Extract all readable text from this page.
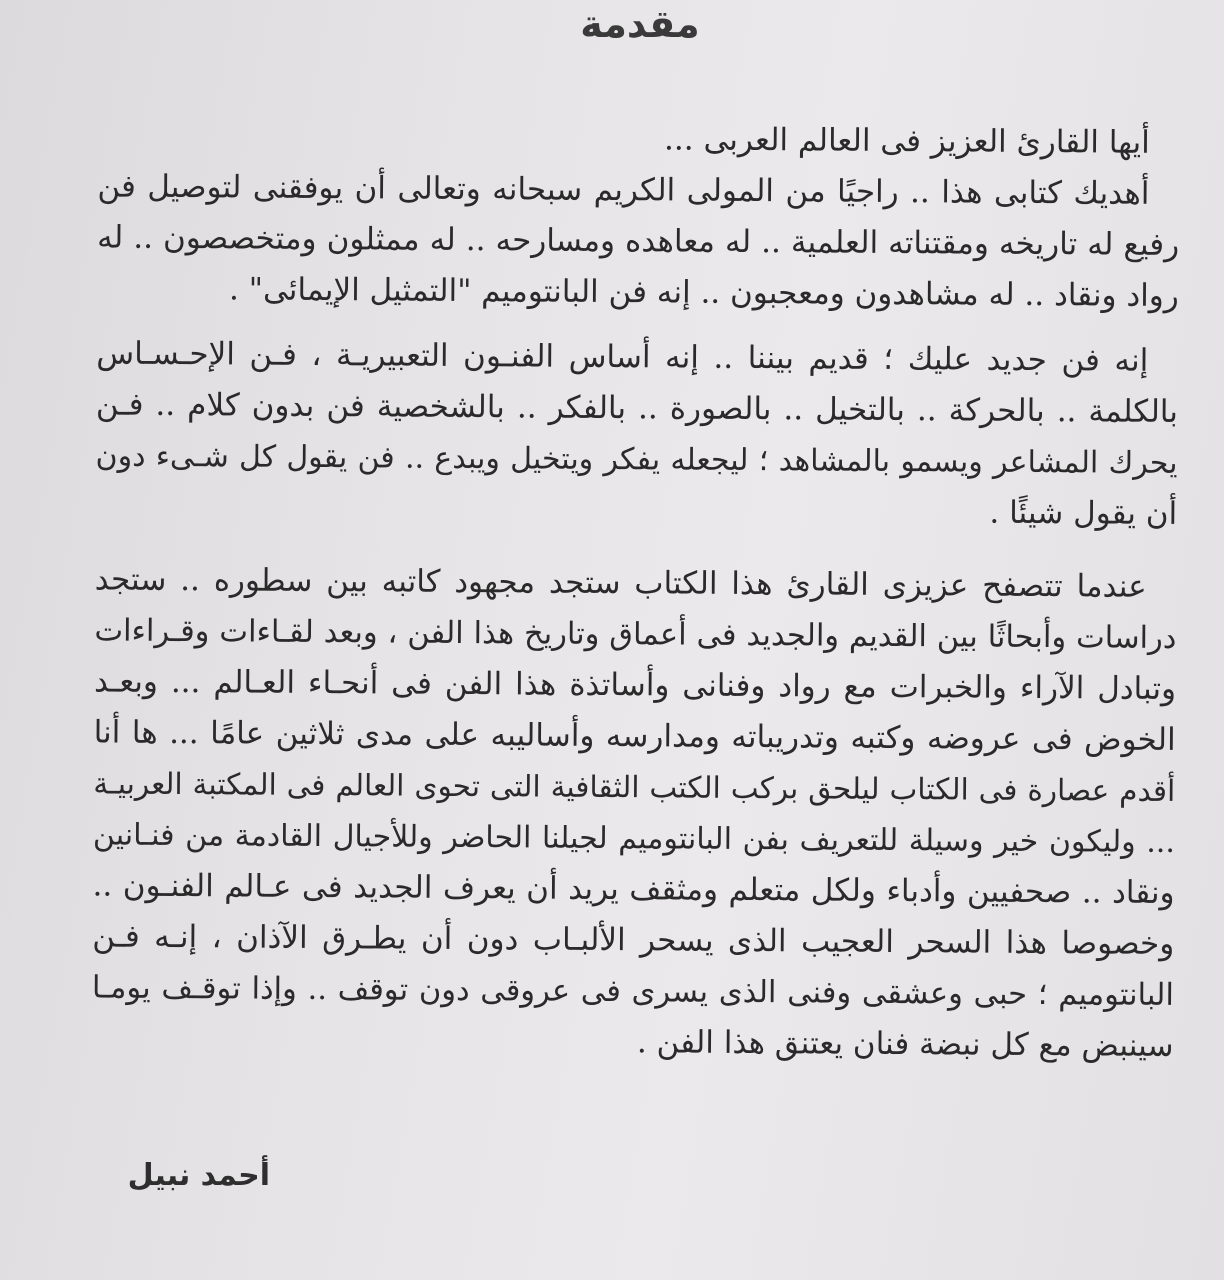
مقدمة
أيها القارئ العزيز فى العالم العربى ...
أهديك كتابى هذا .. راجيًا من المولى الكريم سبحانه وتعالى أن يوفقنى لتوصيل فن
رفيع له تاريخه ومقتناته العلمية .. له معاهده ومسارحه .. له ممثلون ومتخصصون .. له
رواد ونقاد .. له مشاهدون ومعجبون .. إنه فن البانتوميم "التمثيل الإيمائى" .
إنه فن جديد عليك ؛ قديم بيننا .. إنه أساس الفنـون التعبيريـة ، فـن الإحـسـاس
بالكلمة .. بالحركة .. بالتخيل .. بالصورة .. بالفكر .. بالشخصية فن بدون كلام .. فـن
يحرك المشاعر ويسمو بالمشاهد ؛ ليجعله يفكر ويتخيل ويبدع .. فن يقول كل شـىء دون
أن يقول شيئًا .
عندما تتصفح عزيزى القارئ هذا الكتاب ستجد مجهود كاتبه بين سطوره .. ستجد
دراسات وأبحاثًا بين القديم والجديد فى أعماق وتاريخ هذا الفن ، وبعد لقـاءات وقـراءات
وتبادل الآراء والخبرات مع رواد وفنانى وأساتذة هذا الفن فى أنحـاء العـالم ... وبعـد
الخوض فى عروضه وكتبه وتدريباته ومدارسه وأساليبه على مدى ثلاثين عامًا ... ها أنا
أقدم عصارة فى الكتاب ليلحق بركب الكتب الثقافية التى تحوى العالم فى المكتبة العربيـة
... وليكون خير وسيلة للتعريف بفن البانتوميم لجيلنا الحاضر وللأجيال القادمة من فنـانين
ونقاد .. صحفيين وأدباء ولكل متعلم ومثقف يريد أن يعرف الجديد فى عـالم الفنـون ..
وخصوصا هذا السحر العجيب الذى يسحر الألبـاب دون أن يطـرق الآذان ، إنـه فـن
البانتوميم ؛ حبى وعشقى وفنى الذى يسرى فى عروقى دون توقف .. وإذا توقـف يومـا
سينبض مع كل نبضة فنان يعتنق هذا الفن .
أحمد نبيل
